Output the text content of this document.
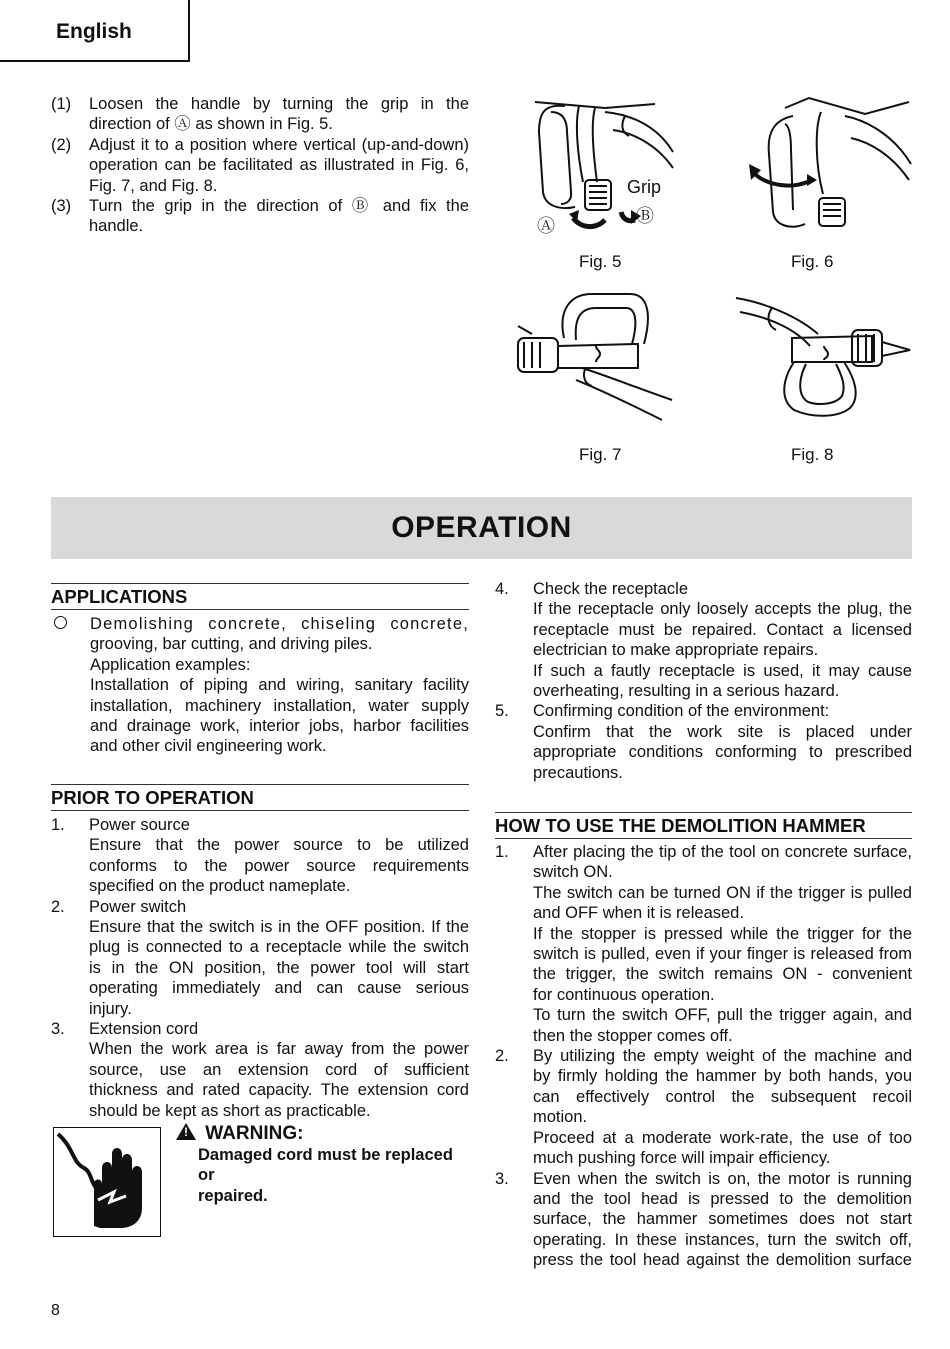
English
(1) Loosen the handle by turning the grip in the
direction of Ⓐ as shown in Fig. 5.
(2) Adjust it to a position where vertical (up-and-down)
operation can be facilitated as illustrated in Fig. 6,
Fig. 7, and Fig. 8.
(3) Turn the grip in the direction of Ⓑ and fix the
handle.
Grip
Ⓐ	Ⓑ
Fig. 5	Fig. 6
Fig. 7	Fig. 8
OPERATION
APPLICATIONS
Demolishing concrete, chiseling concrete,
grooving, bar cutting, and driving piles.
Application examples:
Installation of piping and wiring, sanitary facility
installation, machinery installation, water supply
and drainage work, interior jobs, harbor facilities
and other civil engineering work.
PRIOR TO OPERATION
1. Power source
Ensure that the power source to be utilized
conforms to the power source requirements
specified on the product nameplate.
2. Power switch
Ensure that the switch is in the OFF position. If the
plug is connected to a receptacle while the switch
is in the ON position, the power tool will start
operating immediately and can cause serious
injury.
3. Extension cord
When the work area is far away from the power
source, use an extension cord of sufficient
thickness and rated capacity. The extension cord
should be kept as short as practicable.
! WARNING:
Damaged cord must be replaced or
repaired.
4. Check the receptacle
If the receptacle only loosely accepts the plug, the
receptacle must be repaired. Contact a licensed
electrician to make appropriate repairs.
If such a fautly receptacle is used, it may cause
overheating, resulting in a serious hazard.
5. Confirming condition of the environment:
Confirm that the work site is placed under
appropriate conditions conforming to prescribed
precautions.
HOW TO USE THE DEMOLITION HAMMER
1. After placing the tip of the tool on concrete surface,
switch ON.
The switch can be turned ON if the trigger is pulled
and OFF when it is released.
If the stopper is pressed while the trigger for the
switch is pulled, even if your finger is released from
the trigger, the switch remains ON - convenient
for continuous operation.
To turn the switch OFF, pull the trigger again, and
then the stopper comes off.
2. By utilizing the empty weight of the machine and
by firmly holding the hammer by both hands, you
can effectively control the subsequent recoil
motion.
Proceed at a moderate work-rate, the use of too
much pushing force will impair efficiency.
3. Even when the switch is on, the motor is running
and the tool head is pressed to the demolition
surface, the hammer sometimes does not start
operating. In these instances, turn the switch off,
press the tool head against the demolition surface
8
